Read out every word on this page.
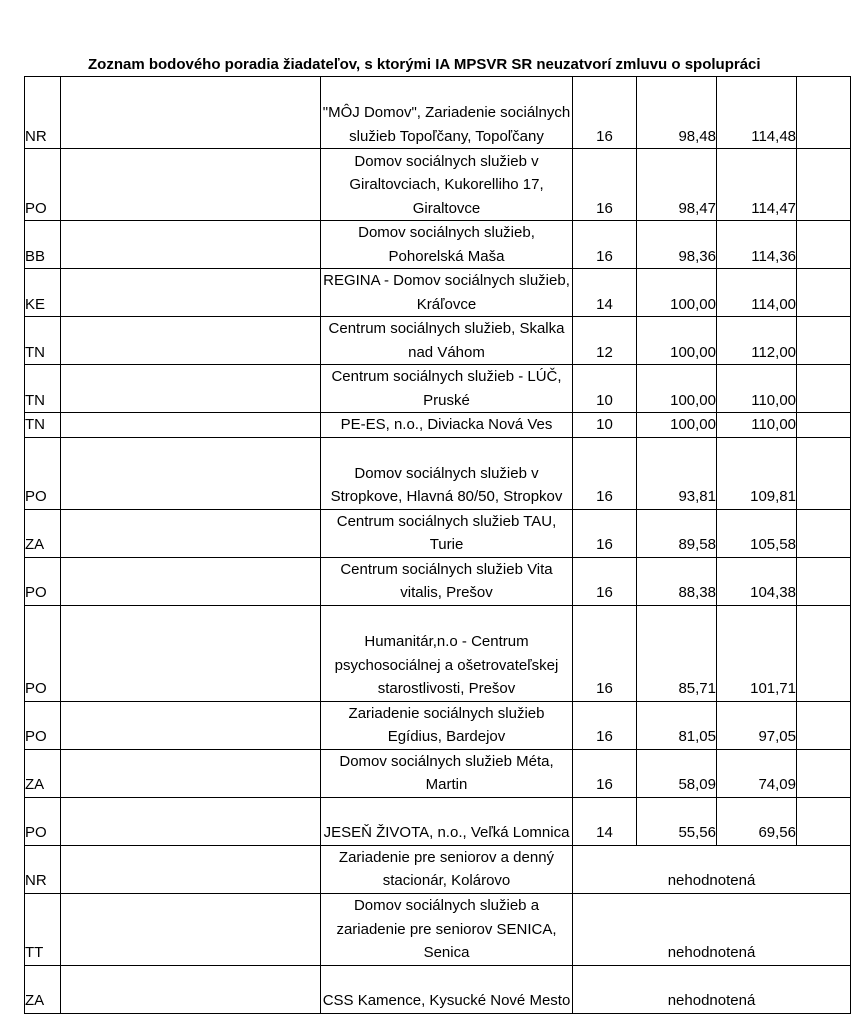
Zoznam bodového poradia žiadateľov, s ktorými IA MPSVR SR neuzatvorí zmluvu o spolupráci
NR		"MÔJ Domov", Zariadenie sociálnych služieb Topoľčany, Topoľčany	16	98,48	114,48	
PO		Domov sociálnych služieb v Giraltovciach, Kukorelliho 17, Giraltovce	16	98,47	114,47	
BB		Domov sociálnych služieb, Pohorelská Maša	16	98,36	114,36	
KE		REGINA - Domov sociálnych služieb, Kráľovce	14	100,00	114,00	
TN		Centrum sociálnych služieb, Skalka nad Váhom	12	100,00	112,00	
TN		Centrum sociálnych služieb - LÚČ, Pruské	10	100,00	110,00	
TN		PE-ES, n.o., Diviacka Nová Ves	10	100,00	110,00	
PO		Domov sociálnych služieb v Stropkove, Hlavná 80/50, Stropkov	16	93,81	109,81	
ZA		Centrum sociálnych služieb TAU, Turie	16	89,58	105,58	
PO		Centrum sociálnych služieb Vita vitalis, Prešov	16	88,38	104,38	
PO		Humanitár,n.o - Centrum psychosociálnej a ošetrovateľskej starostlivosti, Prešov	16	85,71	101,71	
PO		Zariadenie sociálnych služieb Egídius, Bardejov	16	81,05	97,05	
ZA		Domov sociálnych služieb Méta, Martin	16	58,09	74,09	
PO		JESEŇ ŽIVOTA, n.o., Veľká Lomnica	14	55,56	69,56	
NR		Zariadenie pre seniorov a denný stacionár, Kolárovo	nehodnotená			
TT		Domov sociálnych služieb a zariadenie pre seniorov SENICA, Senica	nehodnotená			
ZA		CSS Kamence, Kysucké Nové Mesto	nehodnotená			
